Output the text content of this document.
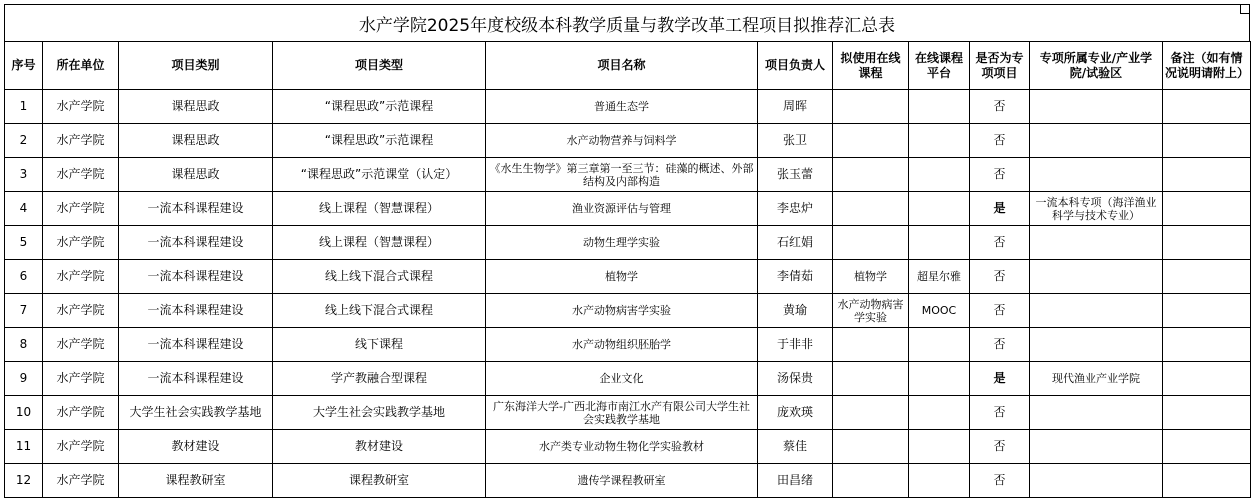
水产学院2025年度校级本科教学质量与教学改革工程项目拟推荐汇总表
序号	所在单位	项目类别	项目类型	项目名称	项目负责人	拟使用在线课程	在线课程平台	是否为专项项目	专项所属专业/产业学院/试验区	备注（如有情况说明请附上）
1	水产学院	课程思政	“课程思政”示范课程	普通生态学	周晖			否		
2	水产学院	课程思政	“课程思政”示范课程	水产动物营养与饲料学	张卫			否		
3	水产学院	课程思政	“课程思政”示范课堂（认定）	《水生生物学》第三章第一至三节：硅藻的概述、外部结构及内部构造	张玉蕾			否		
4	水产学院	一流本科课程建设	线上课程（智慧课程）	渔业资源评估与管理	李忠炉			是	一流本科专项（海洋渔业科学与技术专业）	
5	水产学院	一流本科课程建设	线上课程（智慧课程）	动物生理学实验	石红娟			否		
6	水产学院	一流本科课程建设	线上线下混合式课程	植物学	李倩茹	植物学	超星尔雅	否		
7	水产学院	一流本科课程建设	线上线下混合式课程	水产动物病害学实验	黄瑜	水产动物病害学实验	MOOC	否		
8	水产学院	一流本科课程建设	线下课程	水产动物组织胚胎学	于非非			否		
9	水产学院	一流本科课程建设	学产教融合型课程	企业文化	汤保贵			是	现代渔业产业学院	
10	水产学院	大学生社会实践教学基地	大学生社会实践教学基地	广东海洋大学-广西北海市南江水产有限公司大学生社会实践教学基地	庞欢瑛			否		
11	水产学院	教材建设	教材建设	水产类专业动物生物化学实验教材	蔡佳			否		
12	水产学院	课程教研室	课程教研室	遗传学课程教研室	田昌绪			否		
